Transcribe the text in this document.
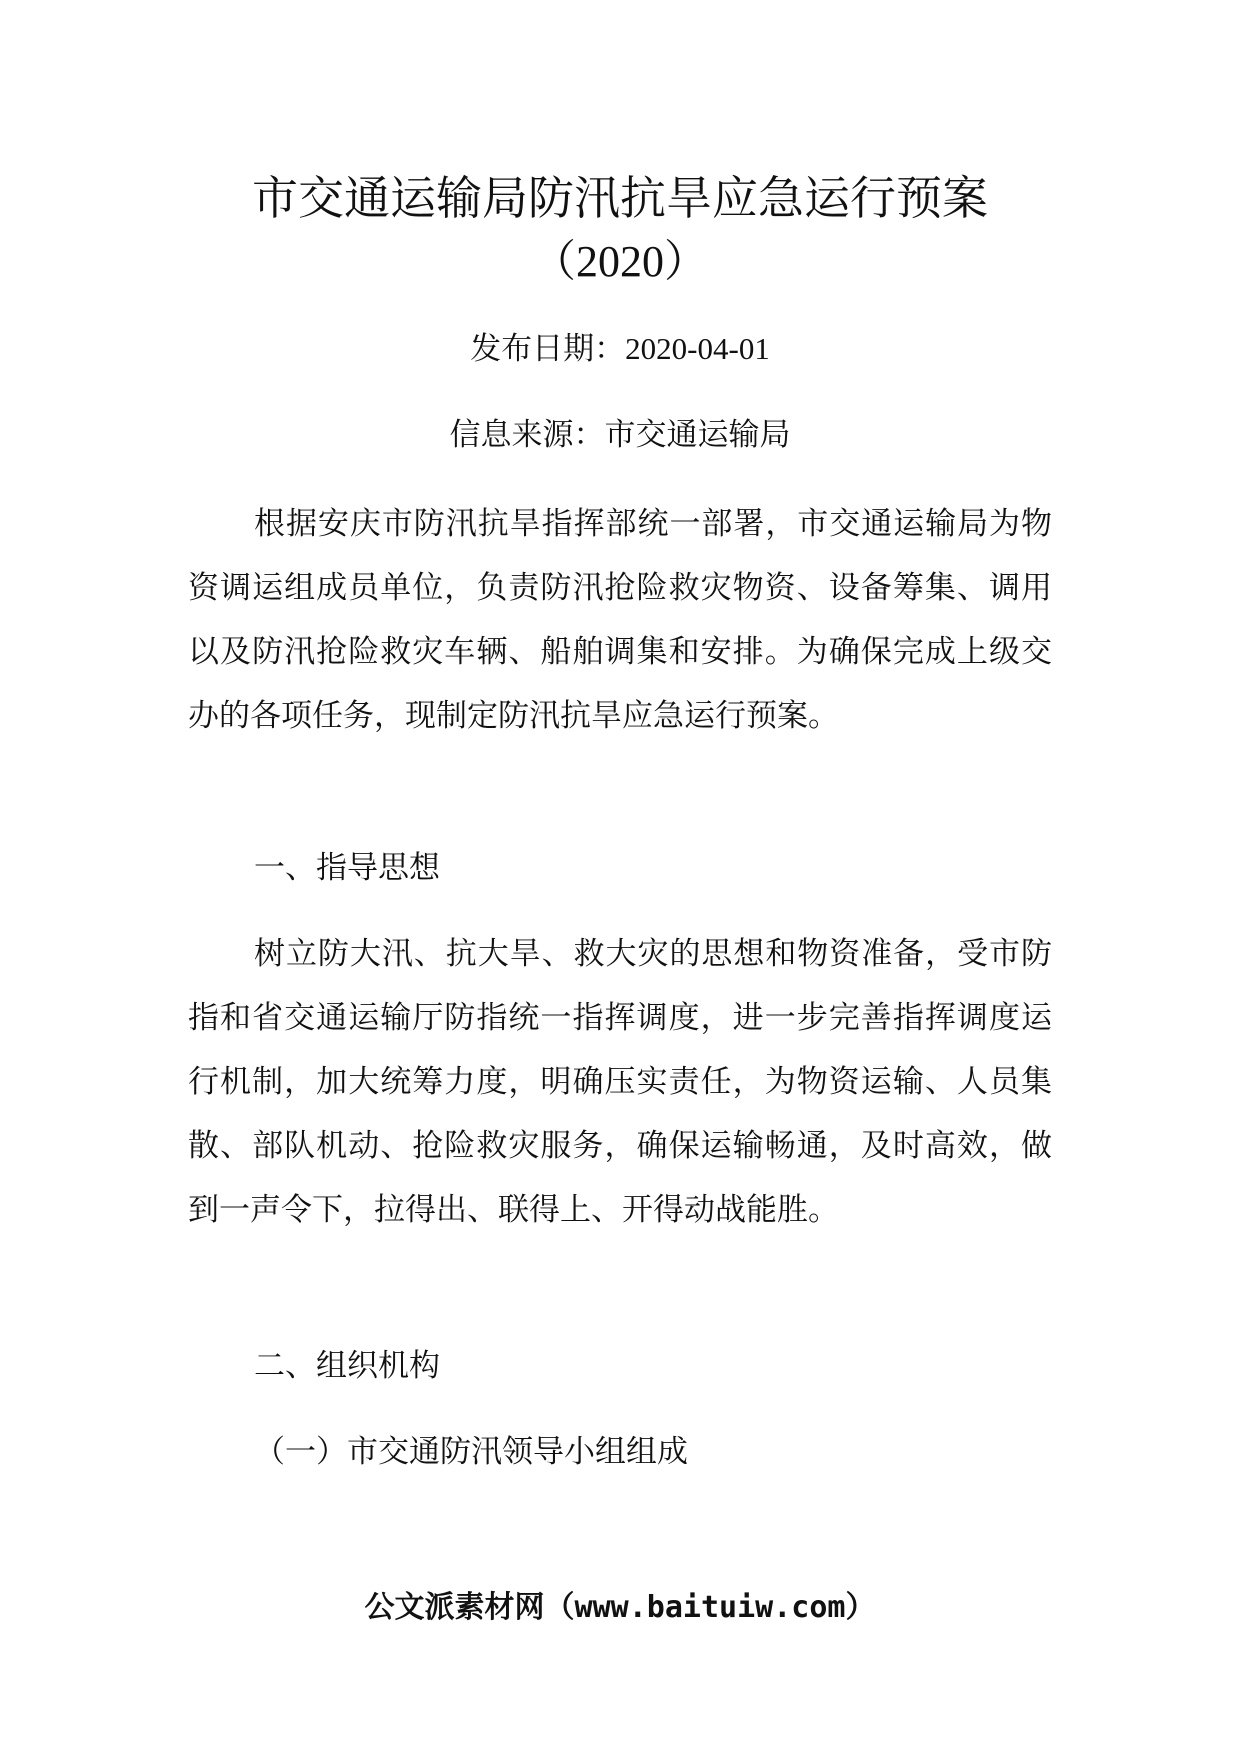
市交通运输局防汛抗旱应急运行预案
（2020）
发布日期：2020-04-01
信息来源：市交通运输局

根据安庆市防汛抗旱指挥部统一部署，市交通运输局为物资调运组成员单位，负责防汛抢险救灾物资、设备筹集、调用以及防汛抢险救灾车辆、船舶调集和安排。为确保完成上级交办的各项任务，现制定防汛抗旱应急运行预案。

一、指导思想

树立防大汛、抗大旱、救大灾的思想和物资准备，受市防指和省交通运输厅防指统一指挥调度，进一步完善指挥调度运行机制，加大统筹力度，明确压实责任，为物资运输、人员集散、部队机动、抢险救灾服务，确保运输畅通，及时高效，做到一声令下，拉得出、联得上、开得动战能胜。

二、组织机构

（一）市交通防汛领导小组组成

公文派素材网（www.baituiw.com）
